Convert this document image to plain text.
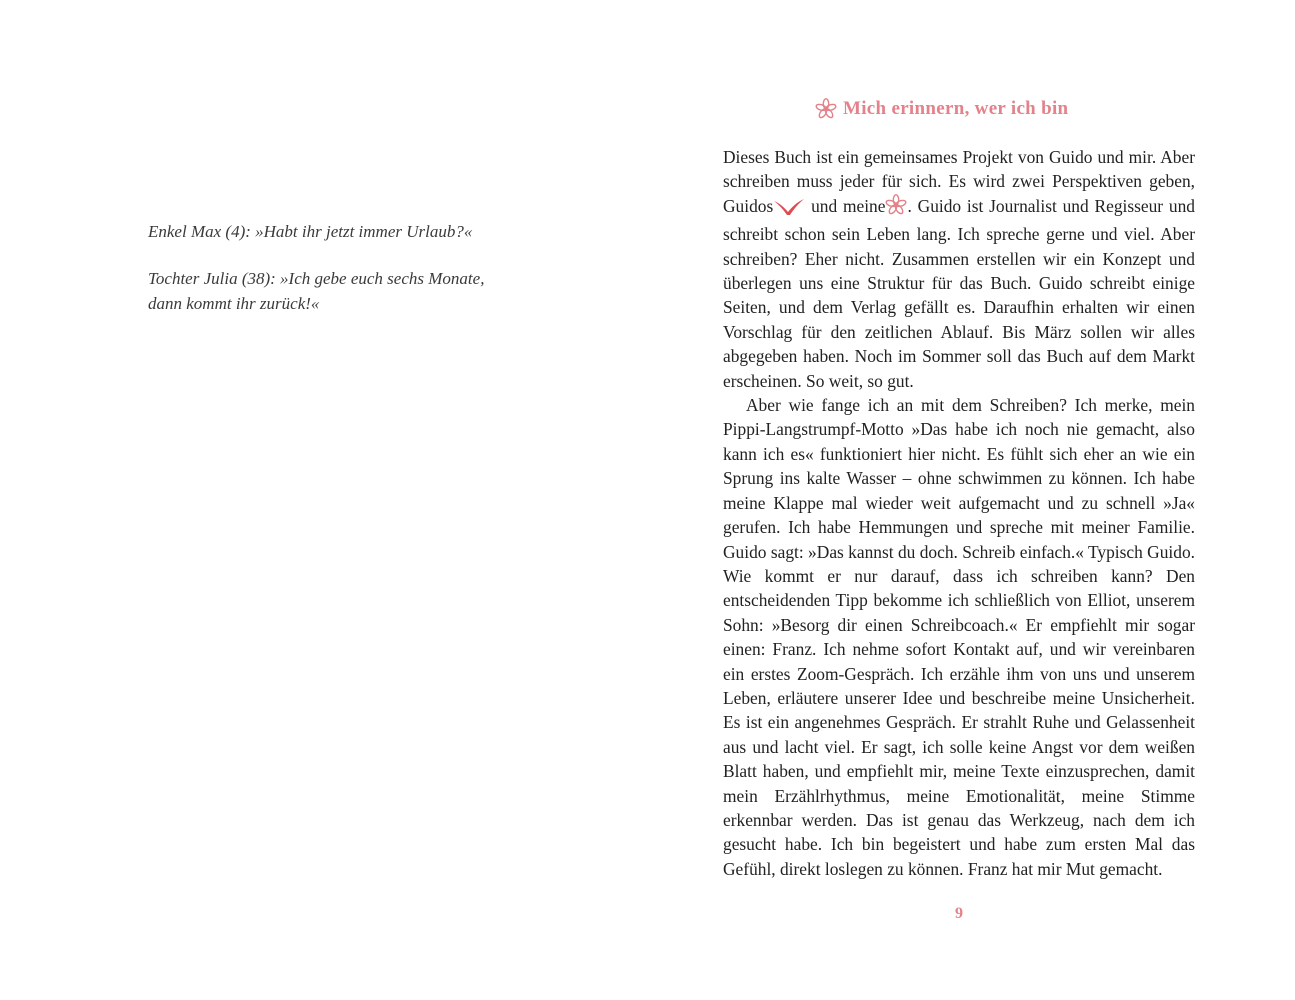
Enkel Max (4): »Habt ihr jetzt immer Urlaub?«

Tochter Julia (38): »Ich gebe euch sechs Monate, dann kommt ihr zurück!«

Mich erinnern, wer ich bin

Dieses Buch ist ein gemeinsames Projekt von Guido und mir. Aber schreiben muss jeder für sich. Es wird zwei Perspektiven geben, Guidos und meine . Guido ist Journalist und Regisseur und schreibt schon sein Leben lang. Ich spreche gerne und viel. Aber schreiben? Eher nicht. Zusammen erstellen wir ein Konzept und überlegen uns eine Struktur für das Buch. Guido schreibt einige Seiten, und dem Verlag gefällt es. Daraufhin erhalten wir einen Vorschlag für den zeitlichen Ablauf. Bis März sollen wir alles abgegeben haben. Noch im Sommer soll das Buch auf dem Markt erscheinen. So weit, so gut.

Aber wie fange ich an mit dem Schreiben? Ich merke, mein Pippi-Langstrumpf-Motto »Das habe ich noch nie gemacht, also kann ich es« funktioniert hier nicht. Es fühlt sich eher an wie ein Sprung ins kalte Wasser – ohne schwimmen zu können. Ich habe meine Klappe mal wieder weit aufgemacht und zu schnell »Ja« gerufen. Ich habe Hemmungen und spreche mit meiner Familie. Guido sagt: »Das kannst du doch. Schreib einfach.« Typisch Guido. Wie kommt er nur darauf, dass ich schreiben kann? Den entscheidenden Tipp bekomme ich schließlich von Elliot, unserem Sohn: »Besorg dir einen Schreibcoach.« Er empfiehlt mir sogar einen: Franz. Ich nehme sofort Kontakt auf, und wir vereinbaren ein erstes Zoom-Gespräch. Ich erzähle ihm von uns und unserem Leben, erläutere unserer Idee und beschreibe meine Unsicherheit. Es ist ein angenehmes Gespräch. Er strahlt Ruhe und Gelassenheit aus und lacht viel. Er sagt, ich solle keine Angst vor dem weißen Blatt haben, und empfiehlt mir, meine Texte einzusprechen, damit mein Erzählrhythmus, meine Emotionalität, meine Stimme erkennbar werden. Das ist genau das Werkzeug, nach dem ich gesucht habe. Ich bin begeistert und habe zum ersten Mal das Gefühl, direkt loslegen zu können. Franz hat mir Mut gemacht.

9
